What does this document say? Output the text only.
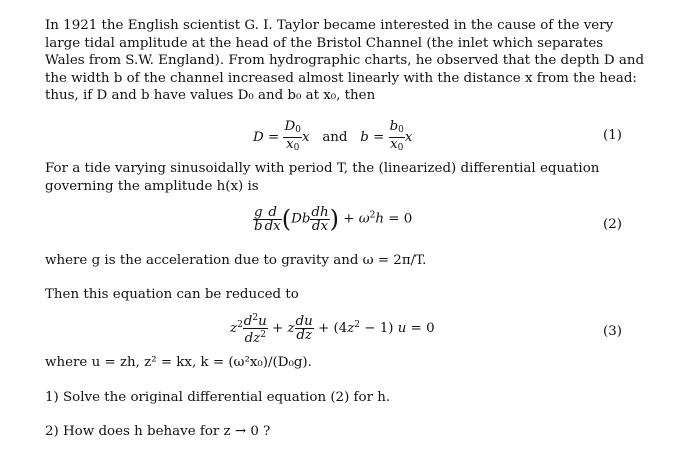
In 1921 the English scientist G. I. Taylor became interested in the cause of the very large tidal amplitude at the head of the Bristol Channel (the inlet which separates Wales from S.W. England). From hydrographic charts, he observed that the depth D and the width b of the channel increased almost linearly with the distance x from the head: thus, if D and b have values D₀ and b₀ at x₀, then
$D = \frac{D_0}{x_0}$ x and $b = \frac{b_0}{x_0}$ x	(1)
For a tide varying sinusoidally with period T, the (linearized) differential equation governing the amplitude h(x) is
$\frac{g}{b} \frac{d}{dx} (Db \frac{dh}{dx}$ ) + $\omega^2h = 0$	(2)
where g is the acceleration due to gravity and ω = 2π/T.
Then this equation can be reduced to
$z^2 \frac{d^2u}{dz^2} + z \frac{du}{dz} + (4z^2 - 1) u = 0$	(3)
where u = zh, z² = kx, k = (ω²x₀)/(D₀g).
1) Solve the original differential equation (2) for h.
2) How does h behave for z → 0 ?
